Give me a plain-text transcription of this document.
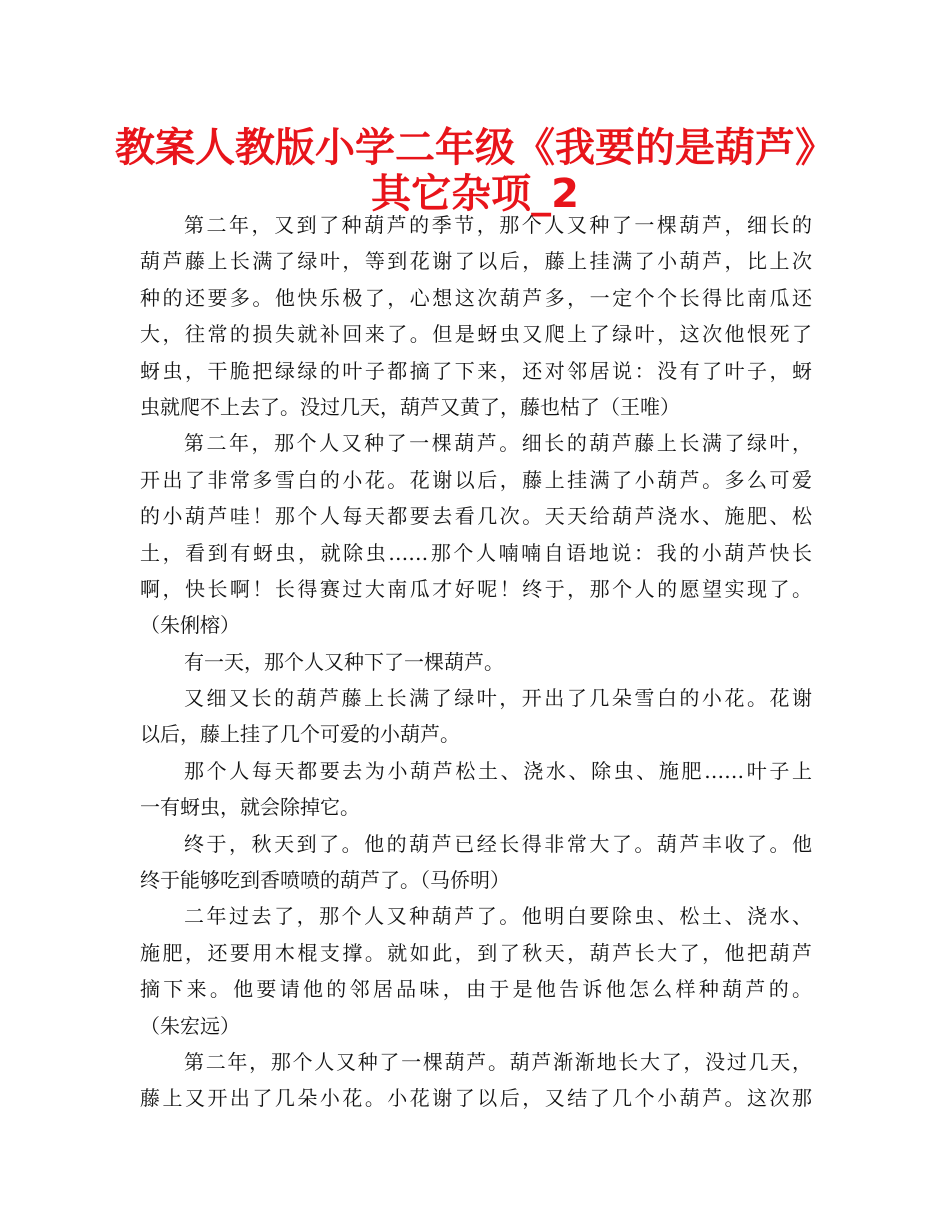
教案人教版小学二年级《我要的是葫芦》
其它杂项_2
第二年，又到了种葫芦的季节，那个人又种了一棵葫芦，细长的
葫芦藤上长满了绿叶，等到花谢了以后，藤上挂满了小葫芦，比上次
种的还要多。他快乐极了，心想这次葫芦多，一定个个长得比南瓜还
大，往常的损失就补回来了。但是蚜虫又爬上了绿叶，这次他恨死了
蚜虫，干脆把绿绿的叶子都摘了下来，还对邻居说：没有了叶子，蚜
虫就爬不上去了。没过几天，葫芦又黄了，藤也枯了（王唯）
第二年，那个人又种了一棵葫芦。细长的葫芦藤上长满了绿叶，
开出了非常多雪白的小花。花谢以后，藤上挂满了小葫芦。多么可爱
的小葫芦哇！那个人每天都要去看几次。天天给葫芦浇水、施肥、松
土，看到有蚜虫，就除虫……那个人喃喃自语地说：我的小葫芦快长
啊，快长啊！长得赛过大南瓜才好呢！终于，那个人的愿望实现了。
（朱俐榕）
有一天，那个人又种下了一棵葫芦。
又细又长的葫芦藤上长满了绿叶，开出了几朵雪白的小花。花谢
以后，藤上挂了几个可爱的小葫芦。
那个人每天都要去为小葫芦松土、浇水、除虫、施肥……叶子上
一有蚜虫，就会除掉它。
终于，秋天到了。他的葫芦已经长得非常大了。葫芦丰收了。他
终于能够吃到香喷喷的葫芦了。（马侨明）
二年过去了，那个人又种葫芦了。他明白要除虫、松土、浇水、
施肥，还要用木棍支撑。就如此，到了秋天，葫芦长大了，他把葫芦
摘下来。他要请他的邻居品味，由于是他告诉他怎么样种葫芦的。
（朱宏远）
第二年，那个人又种了一棵葫芦。葫芦渐渐地长大了，没过几天，
藤上又开出了几朵小花。小花谢了以后，又结了几个小葫芦。这次那
